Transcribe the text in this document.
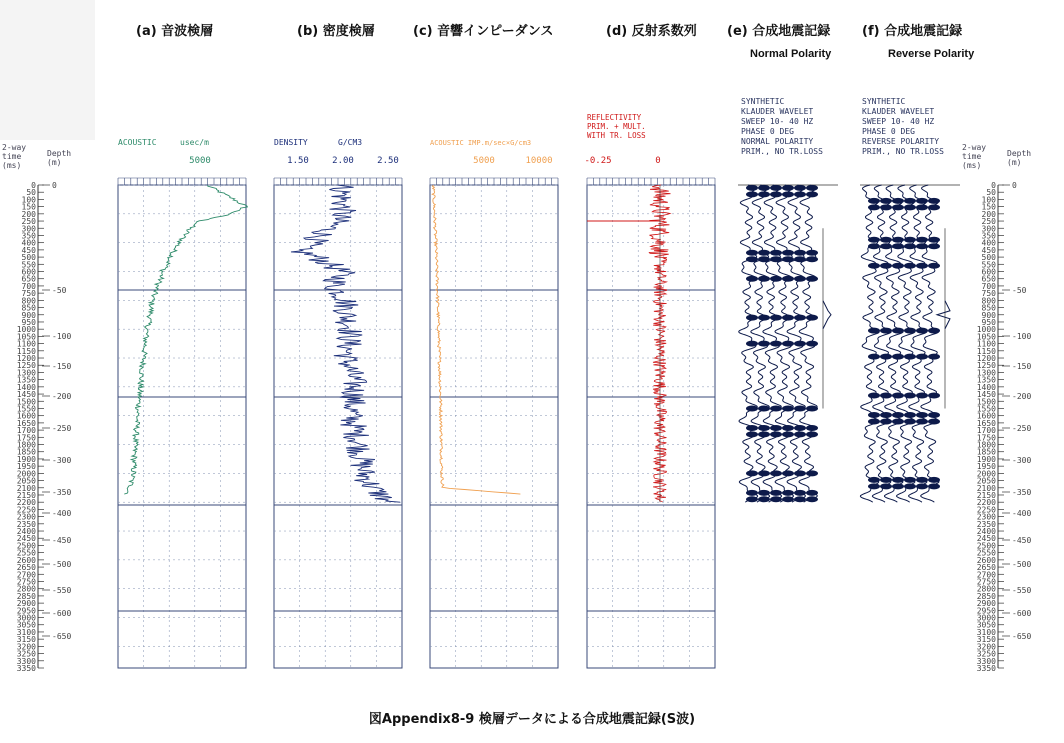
2-way
time
(ms)
Depth
(m)
0
50
100
150
200
250
300
350
400
450
500
550
600
650
700
750
800
850
900
950
1000
1050
1100
1150
1200
1250
1300
1350
1400
1450
1500
1550
1600
1650
1700
1750
1800
1850
1900
1950
2000
2050
2100
2150
2200
2250
2300
2350
2400
2450
2500
2550
2600
2650
2700
2750
2800
2850
2900
2950
3000
3050
3100
3150
3200
3250
3300
3350
0
-50
-100
-150
-200
-250
-300
-350
-400
-450
-500
-550
-600
-650
2-way
time
(ms)
Depth
(m)
0
50
100
150
200
250
300
350
400
450
500
550
600
650
700
750
800
850
900
950
1000
1050
1100
1150
1200
1250
1300
1350
1400
1450
1500
1550
1600
1650
1700
1750
1800
1850
1900
1950
2000
2050
2100
2150
2200
2250
2300
2350
2400
2450
2500
2550
2600
2650
2700
2750
2800
2850
2900
2950
3000
3050
3100
3150
3200
3250
3300
3350
0
-50
-100
-150
-200
-250
-300
-350
-400
-450
-500
-550
-600
-650
ACOUSTIC	usec/m
5000
DENSITY	G/CM3
1.50	2.00	2.50
ACOUSTIC IMP.m/sec×G/cm3
5000	10000
REFLECTIVITY
PRIM. + MULT.
WITH TR. LOSS
-0.25	0
SYNTHETIC
KLAUDER WAVELET
SWEEP 10- 40 HZ
PHASE 0 DEG
NORMAL POLARITY
PRIM., NO TR.LOSS
SYNTHETIC
KLAUDER WAVELET
SWEEP 10- 40 HZ
PHASE 0 DEG
REVERSE POLARITY
PRIM., NO TR.LOSS
(a) 音波検層	(b) 密度検層	(c) 音響インピーダンス	(d) 反射系数列 (e) 合成地震記録 (f) 合成地震記録
Normal Polarity	Reverse Polarity
図Appendix8-9 検層データによる合成地震記録(S波)
